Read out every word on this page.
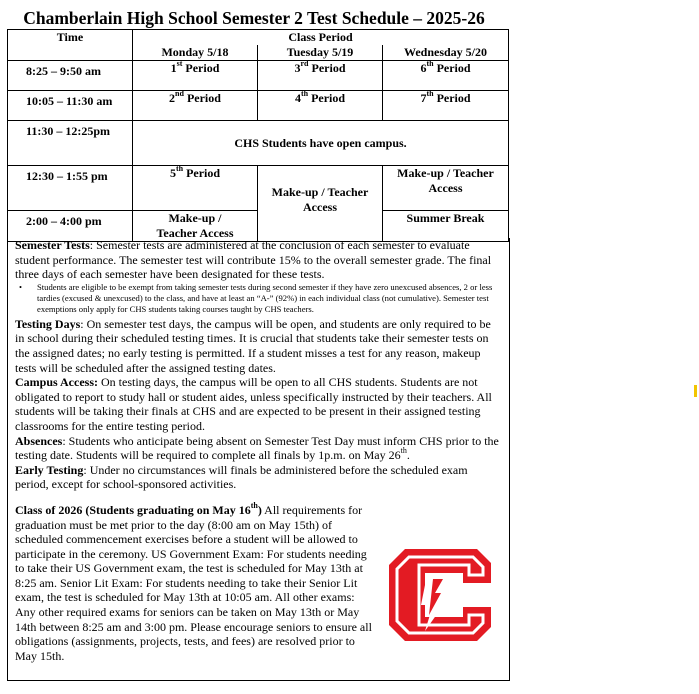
Chamberlain High School Semester 2 Test Schedule – 2025-26
Time	Class Period		
	Monday 5/18	Tuesday 5/19	Wednesday 5/20
8:25 – 9:50 am	1st Period	3rd Period	6th Period
10:05 – 11:30 am	2nd Period	4th Period	7th Period
11:30 – 12:25pm	CHS Students have open campus.		
12:30 – 1:55 pm	5th Period	Make-up / Teacher Access	Make-up / Teacher Access
2:00 – 4:00 pm	Make-up / Teacher Access		Summer Break

Semester Tests: Semester tests are administered at the conclusion of each semester to evaluate student performance. The semester test will contribute 15% to the overall semester grade. The final three days of each semester have been designated for these tests.

•	Students are eligible to be exempt from taking semester tests during second semester if they have zero unexcused absences, 2 or less tardies (excused & unexcused) to the class, and have at least an “A-” (92%) in each individual class (not cumulative). Semester test exemptions only apply for CHS students taking courses taught by CHS teachers.

Testing Days: On semester test days, the campus will be open, and students are only required to be in school during their scheduled testing times. It is crucial that students take their semester tests on the assigned dates; no early testing is permitted. If a student misses a test for any reason, makeup tests will be scheduled after the assigned testing dates.

Campus Access: On testing days, the campus will be open to all CHS students. Students are not obligated to report to study hall or student aides, unless specifically instructed by their teachers. All students will be taking their finals at CHS and are expected to be present in their assigned testing classrooms for the entire testing period.

Absences: Students who anticipate being absent on Semester Test Day must inform CHS prior to the testing date. Students will be required to complete all finals by 1p.m. on May 26th.

Early Testing: Under no circumstances will finals be administered before the scheduled exam period, except for school-sponsored activities.

Class of 2026 (Students graduating on May 16th) All requirements for graduation must be met prior to the day (8:00 am on May 15th) of scheduled commencement exercises before a student will be allowed to participate in the ceremony. US Government Exam: For students needing to take their US Government exam, the test is scheduled for May 13th at 8:25 am. Senior Lit Exam: For students needing to take their Senior Lit exam, the test is scheduled for May 13th at 10:05 am. All other exams: Any other required exams for seniors can be taken on May 13th or May 14th between 8:25 am and 3:00 pm. Please encourage seniors to ensure all obligations (assignments, projects, tests, and fees) are resolved prior to May 15th.
